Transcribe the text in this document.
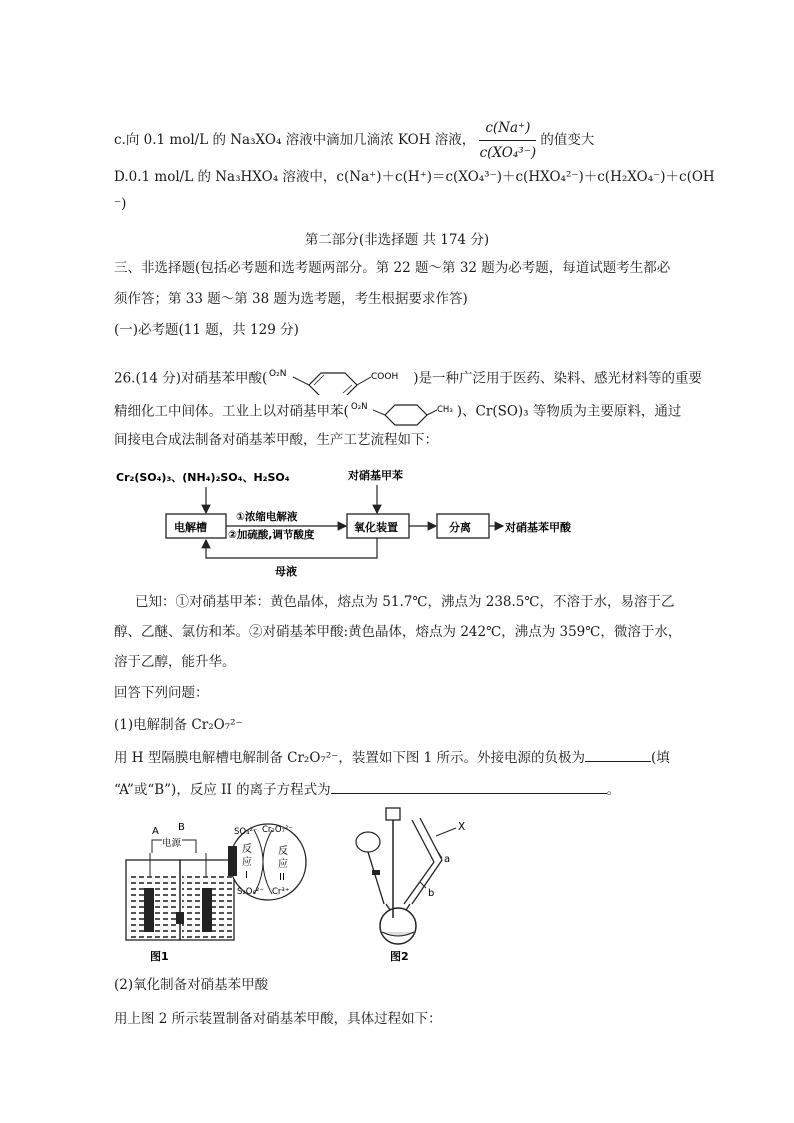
c.向 0.1 mol/L 的 Na₃XO₄ 溶液中滴加几滴浓 KOH 溶液， $\frac{c(Na^+)}{\text{c(XO₄³⁻)}}$ 的值变大
D.0.1 mol/L 的 Na₃HXO₄ 溶液中，c(Na⁺)＋c(H⁺)＝c(XO₄³⁻)＋c(HXO₄²⁻)＋c(H₂XO₄⁻)＋c(OH
⁻)
第二部分(非选择题 共 174 分)
三、非选择题(包括必考题和选考题两部分。第 22 题～第 32 题为必考题，每道试题考生都必
须作答；第 33 题～第 38 题为选考题，考生根据要求作答)
(一)必考题(11 题，共 129 分)
26.(14 分)对硝基苯甲酸( O₂N	COOH )是一种广泛用于医药、染料、感光材料等的重要
精细化工中间体。工业上以对硝基甲苯( O₂N	CH₃ )、Cr(SO)₃ 等物质为主要原料，通过
间接电合成法制备对硝基苯甲酸，生产工艺流程如下：
Cr₂(SO₄)₃、(NH₄)₂SO₄、H₂SO₄	对硝基甲苯
电解槽
①浓缩电解液
②加硫酸,调节酸度
氧化装置	分离	对硝基苯甲酸
母液
已知：①对硝基甲苯：黄色晶体，熔点为 51.7℃，沸点为 238.5℃，不溶于水，易溶于乙
醇、乙醚、氯仿和苯。②对硝基苯甲酸:黄色晶体，熔点为 242℃，沸点为 359℃，微溶于水，
溶于乙醇，能升华。
回答下列问题：
(1)电解制备 Cr₂O₇²⁻
用 H 型隔膜电解槽电解制备 Cr₂O₇²⁻，装置如下图 1 所示。外接电源的负极为	(填
“A”或“B”)，反应 II 的离子方程式为	。
A B
电源
SO₄²⁻ Cr₂O₇²⁻
S₂O₈²⁻ Cr³⁺
反
应
I
反
应
II
图1
X
a
b
图2
(2)氧化制备对硝基苯甲酸
用上图 2 所示装置制备对硝基苯甲酸，具体过程如下：
